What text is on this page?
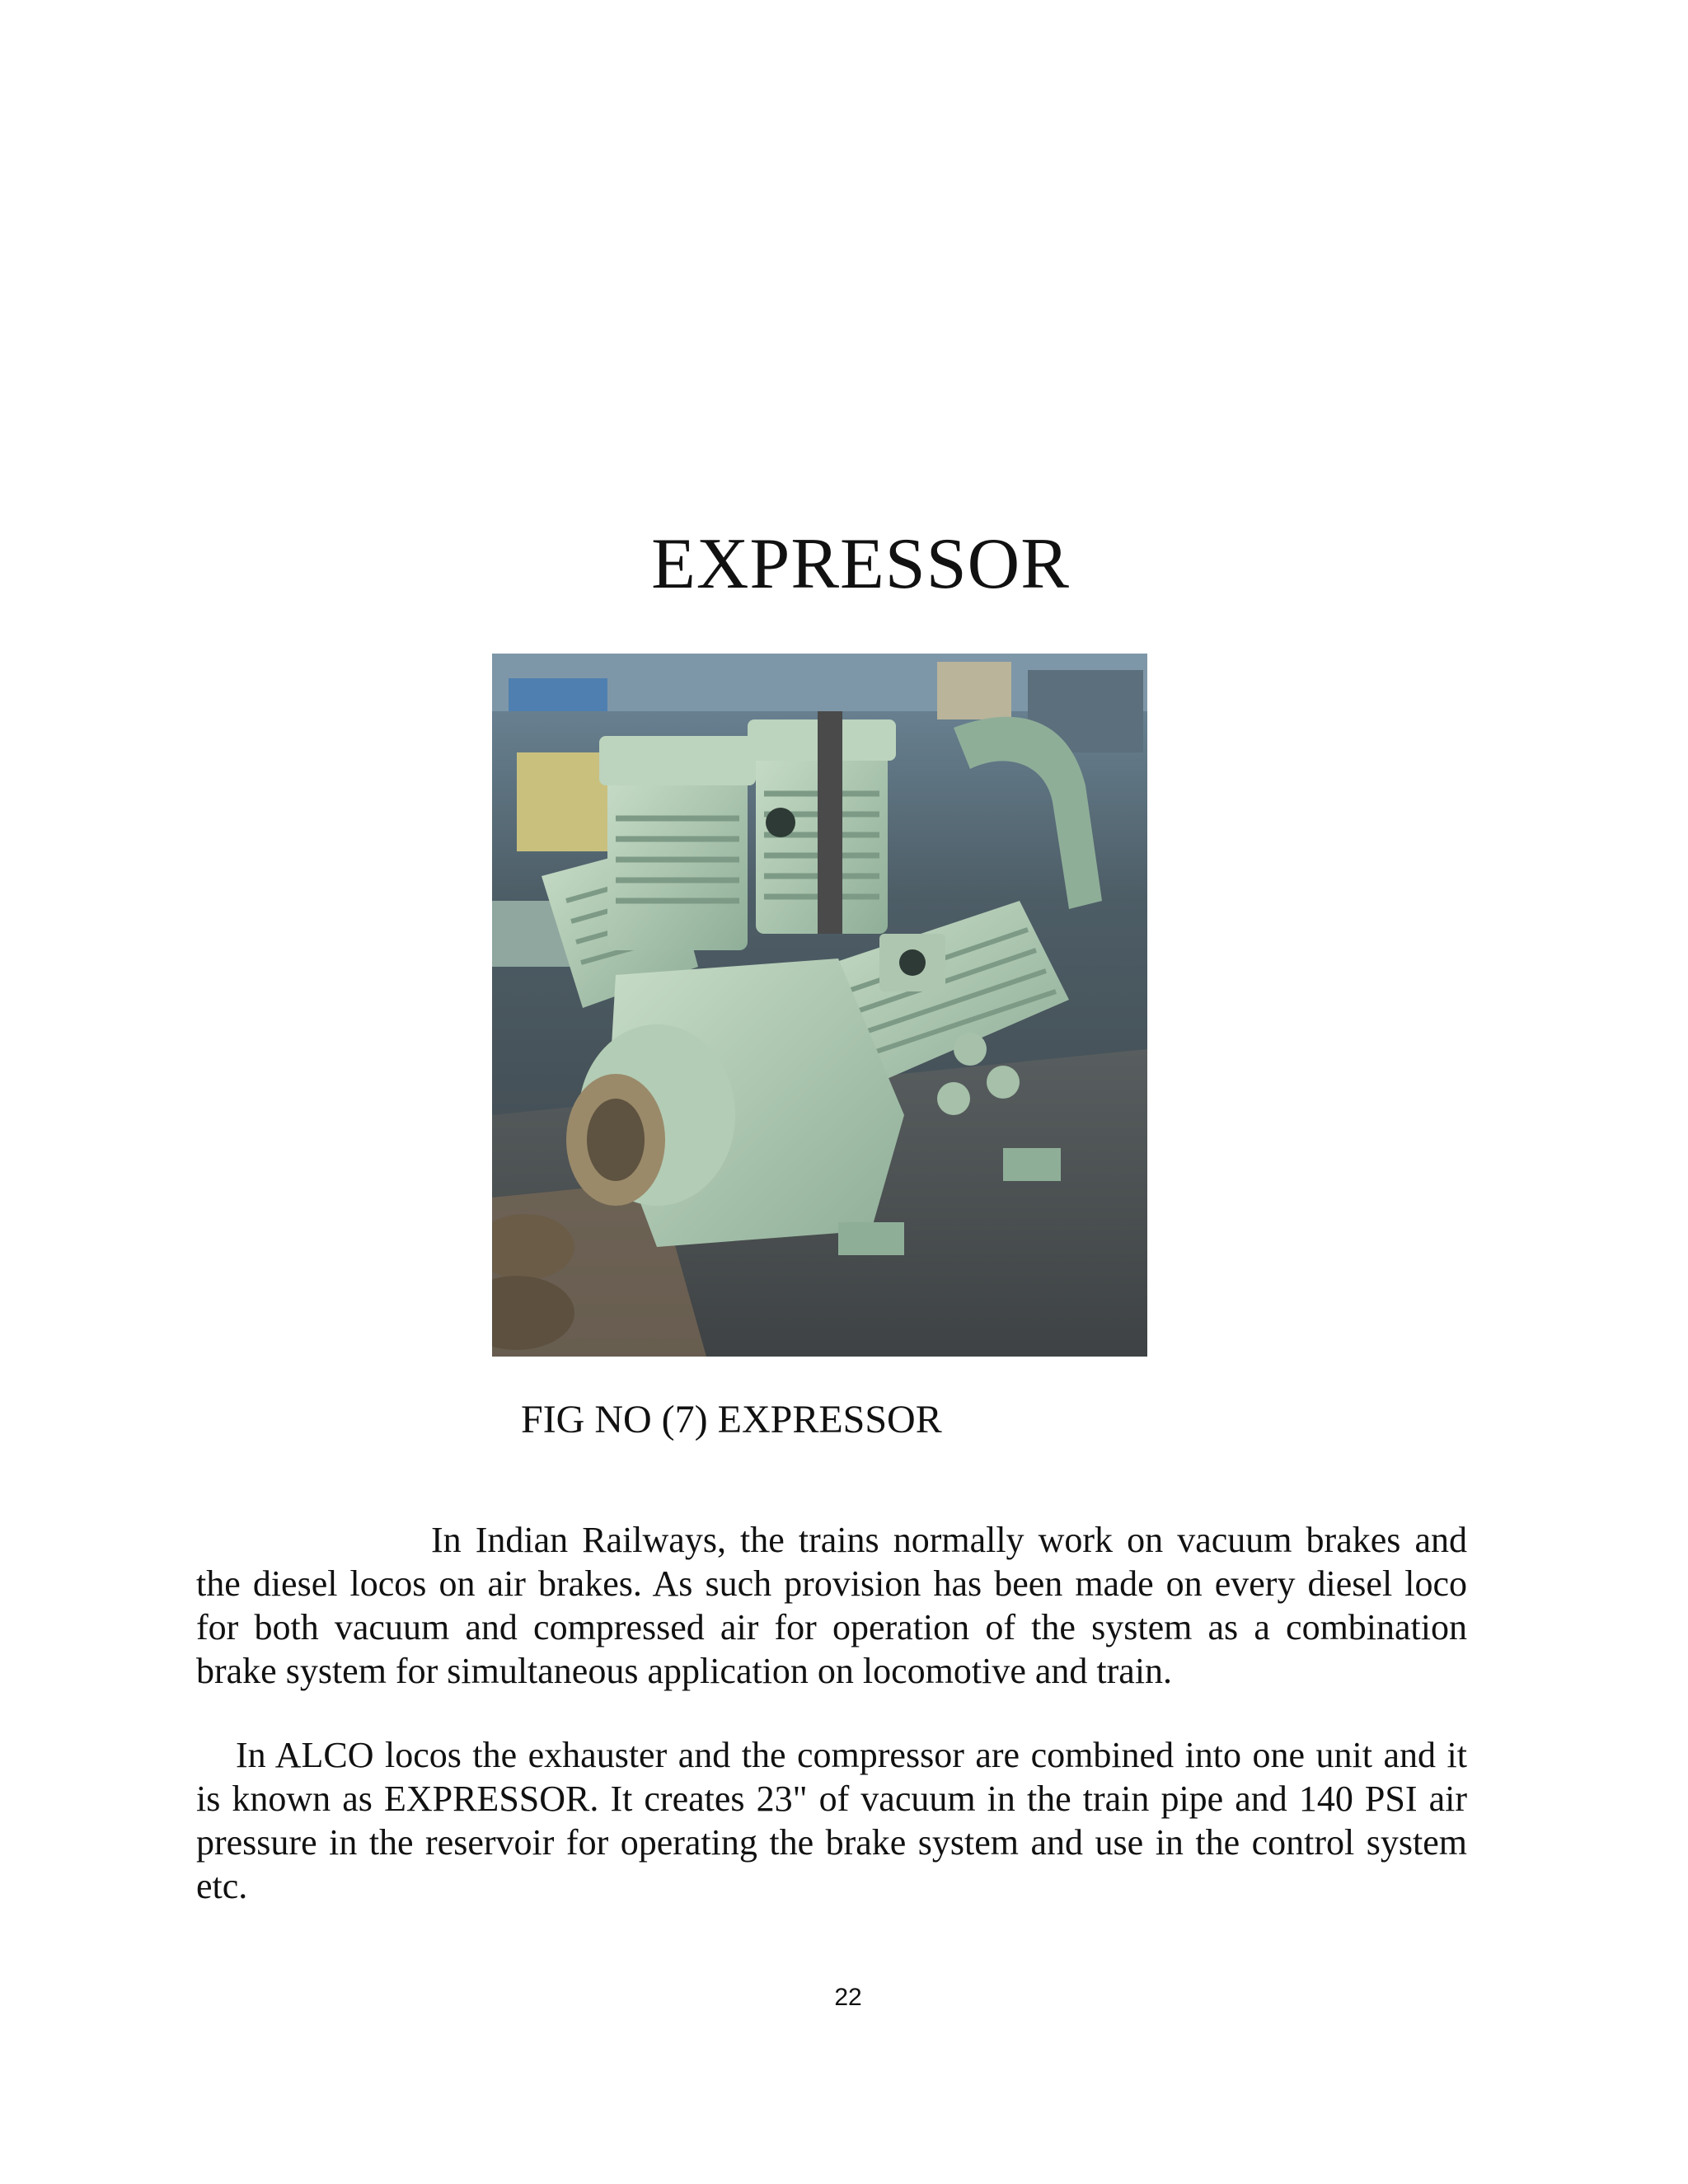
EXPRESSOR
FIG NO (7) EXPRESSOR

In Indian Railways, the trains normally work on vacuum brakes and the diesel locos on air brakes. As such provision has been made on every diesel loco for both vacuum and compressed air for operation of the system as a combination brake system for simultaneous application on locomotive and train.

In ALCO locos the exhauster and the compressor are combined into one unit and it is known as EXPRESSOR. It creates 23" of vacuum in the train pipe and 140 PSI air pressure in the reservoir for operating the brake system and use in the control system etc.

22
